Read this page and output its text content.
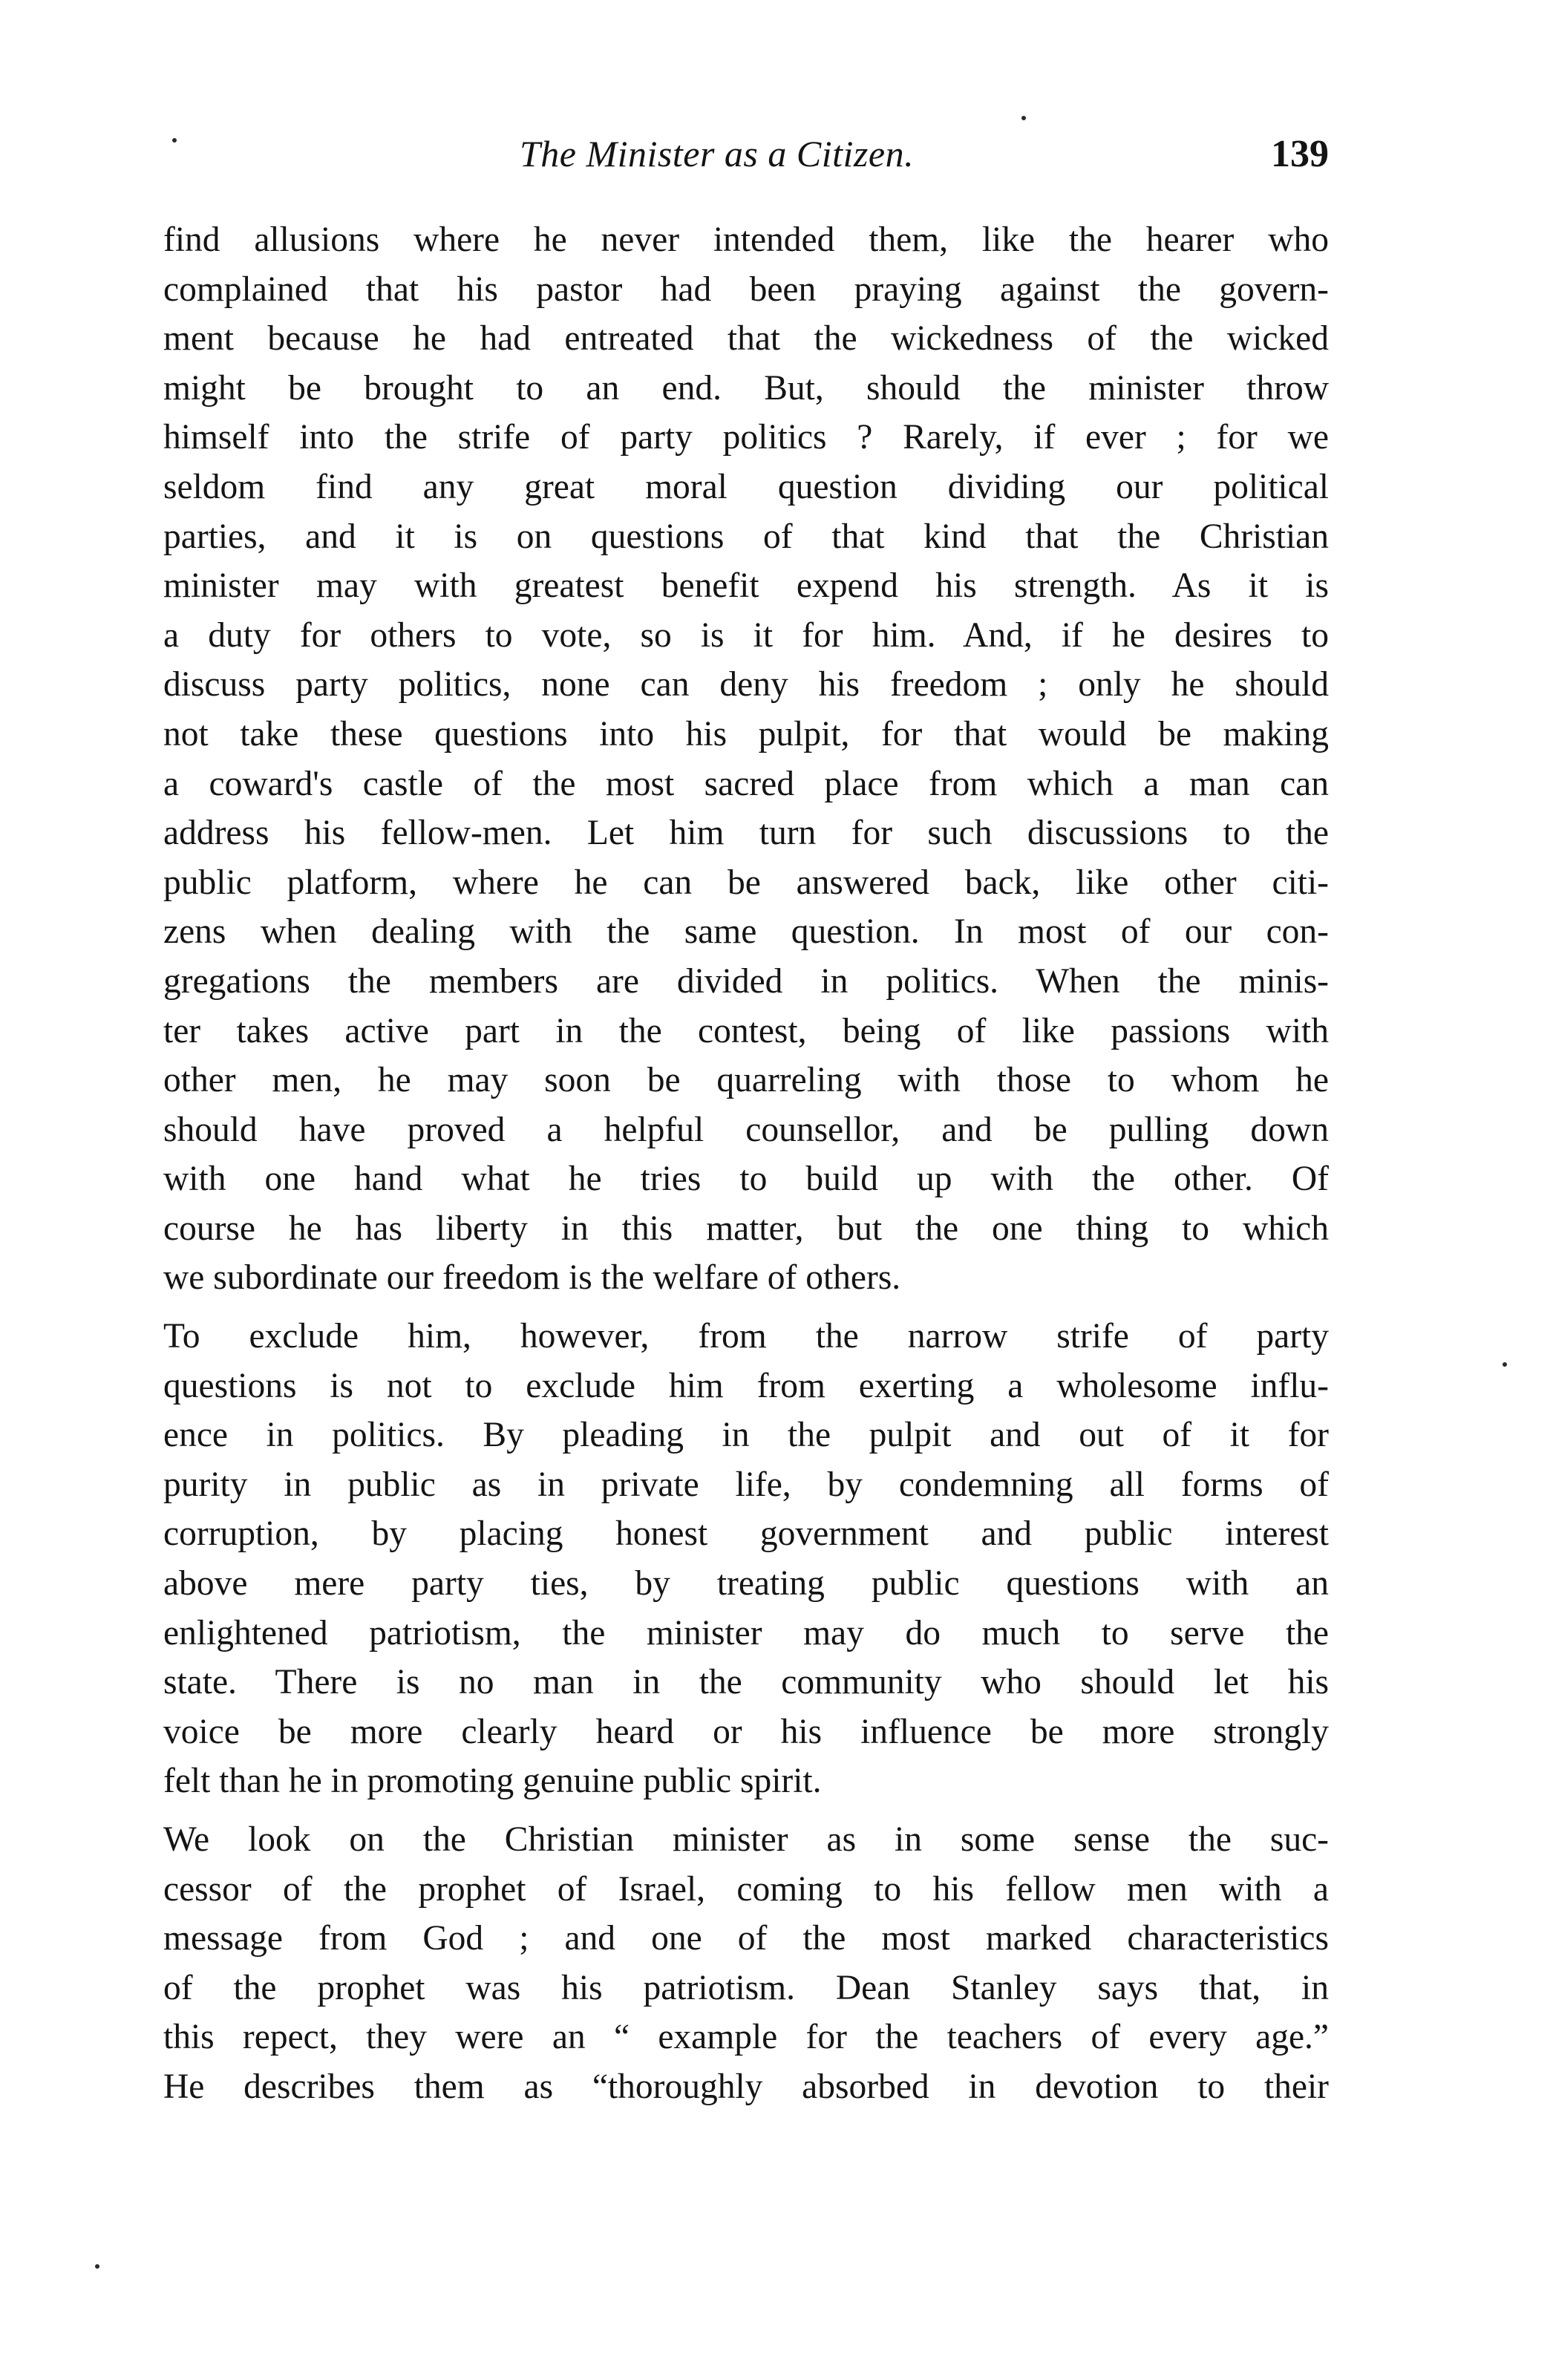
The Minister as a Citizen.	139
find allusions where he never intended them, like the hearer who
complained that his pastor had been praying against the govern-
ment because he had entreated that the wickedness of the wicked
might be brought to an end. But, should the minister throw
himself into the strife of party politics ? Rarely, if ever ; for we
seldom find any great moral question dividing our political
parties, and it is on questions of that kind that the Christian
minister may with greatest benefit expend his strength. As it is
a duty for others to vote, so is it for him. And, if he desires to
discuss party politics, none can deny his freedom ; only he should
not take these questions into his pulpit, for that would be making
a coward's castle of the most sacred place from which a man can
address his fellow-men. Let him turn for such discussions to the
public platform, where he can be answered back, like other citi-
zens when dealing with the same question. In most of our con-
gregations the members are divided in politics. When the minis-
ter takes active part in the contest, being of like passions with
other men, he may soon be quarreling with those to whom he
should have proved a helpful counsellor, and be pulling down
with one hand what he tries to build up with the other. Of
course he has liberty in this matter, but the one thing to which
we subordinate our freedom is the welfare of others.
To exclude him, however, from the narrow strife of party
questions is not to exclude him from exerting a wholesome influ-
ence in politics. By pleading in the pulpit and out of it for
purity in public as in private life, by condemning all forms of
corruption, by placing honest government and public interest
above mere party ties, by treating public questions with an
enlightened patriotism, the minister may do much to serve the
state. There is no man in the community who should let his
voice be more clearly heard or his influence be more strongly
felt than he in promoting genuine public spirit.
We look on the Christian minister as in some sense the suc-
cessor of the prophet of Israel, coming to his fellow men with a
message from God ; and one of the most marked characteristics
of the prophet was his patriotism. Dean Stanley says that, in
this repect, they were an “ example for the teachers of every age.”
He describes them as “thoroughly absorbed in devotion to their
